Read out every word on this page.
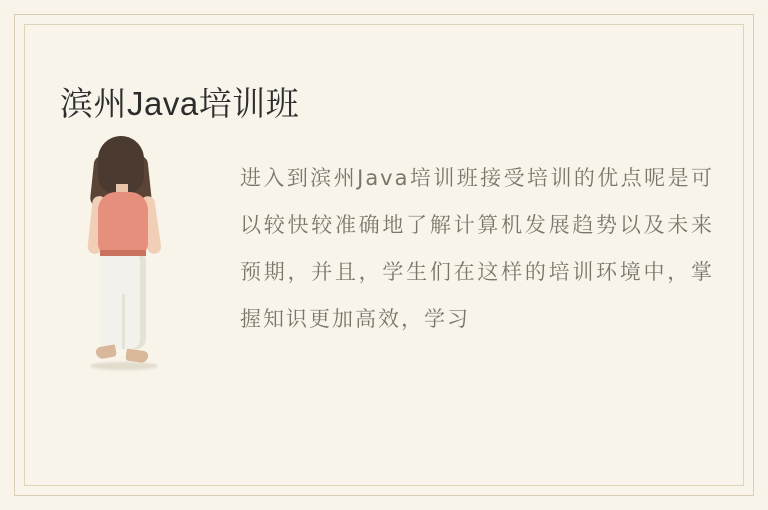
滨州Java培训班

进入到滨州Java培训班接受培训的优点呢是可以较快较准确地了解计算机发展趋势以及未来预期，并且，学生们在这样的培训环境中，掌握知识更加高效，学习
